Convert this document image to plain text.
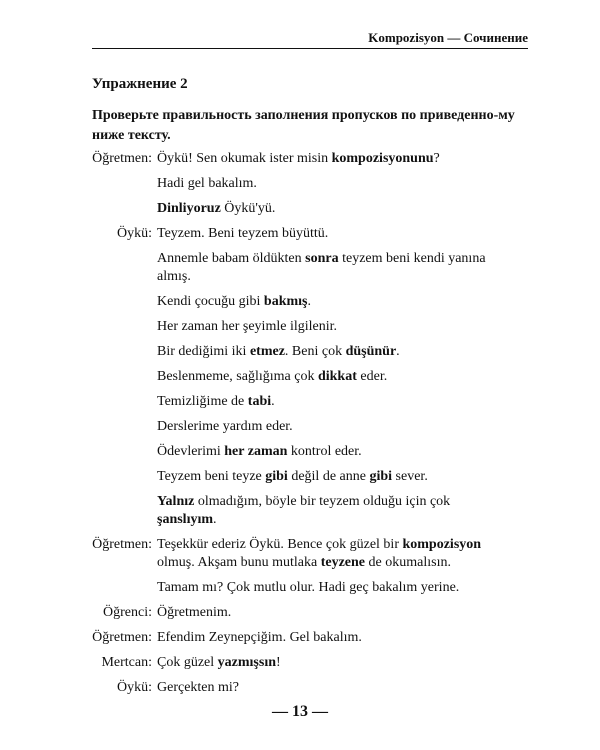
Kompozisyon — Сочинение
Упражнение 2
Проверьте правильность заполнения пропусков по приведенно-му ниже тексту.
Öğretmen: Öykü! Sen okumak ister misin kompozisyonunu?
Hadi gel bakalım.
Dinliyoruz Öykü'yü.
Öykü: Teyzem. Beni teyzem büyüttü.
Annemle babam öldükten sonra teyzem beni kendi yanına almış.
Kendi çocuğu gibi bakmış.
Her zaman her şeyimle ilgilenir.
Bir dediğimi iki etmez. Beni çok düşünür.
Beslenmeme, sağlığıma çok dikkat eder.
Temizliğime de tabi.
Derslerime yardım eder.
Ödevlerimi her zaman kontrol eder.
Teyzem beni teyze gibi değil de anne gibi sever.
Yalnız olmadığım, böyle bir teyzem olduğu için çok şanslıyım.
Öğretmen: Teşekkür ederiz Öykü. Bence çok güzel bir kompozisyon olmuş. Akşam bunu mutlaka teyzene de okumalısın.
Tamam mı? Çok mutlu olur. Hadi geç bakalım yerine.
Öğrenci: Öğretmenim.
Öğretmen: Efendim Zeynepçiğim. Gel bakalım.
Mertcan: Çok güzel yazmışsın!
Öykü: Gerçekten mi?
— 13 —
